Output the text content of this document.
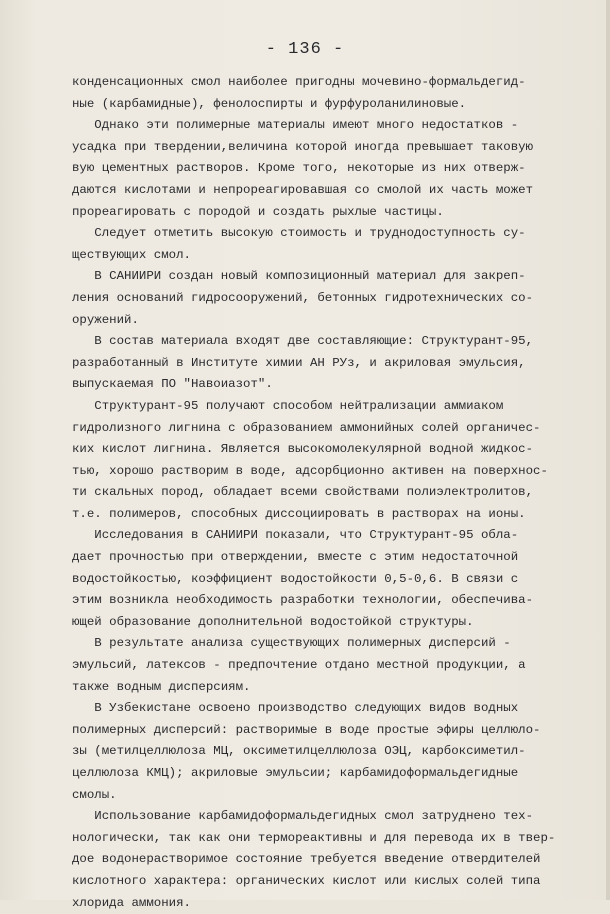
- 136 -
конденсационных смол наиболее пригодны мочевино-формальдегид-
ные (карбамидные), фенолоспирты и фурфуроланилиновые.
Однако эти полимерные материалы имеют много недостатков -
усадка при твердении,величина которой иногда превышает таковую
вую цементных растворов. Кроме того, некоторые из них отверж-
даются кислотами и непрореагировавшая со смолой их часть может
прореагировать с породой и создать рыхлые частицы.
Следует отметить высокую стоимость и труднодоступность су-
ществующих смол.
В САНИИРИ создан новый композиционный материал для закреп-
ления оснований гидросооружений, бетонных гидротехнических со-
оружений.
В состав материала входят две составляющие: Структурант-95,
разработанный в Институте химии АН РУз, и акриловая эмульсия,
выпускаемая ПО "Навоиазот".
Структурант-95 получают способом нейтрализации аммиаком
гидролизного лигнина с образованием аммонийных солей органичес-
ких кислот лигнина. Является высокомолекулярной водной жидкос-
тью, хорошо растворим в воде, адсорбционно активен на поверхнос-
ти скальных пород, обладает всеми свойствами полиэлектролитов,
т.е. полимеров, способных диссоциировать в растворах на ионы.
Исследования в САНИИРИ показали, что Структурант-95 обла-
дает прочностью при отверждении, вместе с этим недостаточной
водостойкостью, коэффициент водостойкости 0,5-0,6. В связи с
этим возникла необходимость разработки технологии, обеспечива-
ющей образование дополнительной водостойкой структуры.
В результате анализа существующих полимерных дисперсий -
эмульсий, латексов - предпочтение отдано местной продукции, а
также водным дисперсиям.
В Узбекистане освоено производство следующих видов водных
полимерных дисперсий: растворимые в воде простые эфиры целлюло-
зы (метилцеллюлоза МЦ, оксиметилцеллюлоза ОЭЦ, карбоксиметил-
целлюлоза КМЦ); акриловые эмульсии; карбамидоформальдегидные
смолы.
Использование карбамидоформальдегидных смол затруднено тех-
нологически, так как они термореактивны и для перевода их в твер-
дое водонерастворимое состояние требуется введение отвердителей
кислотного характера: органических кислот или кислых солей типа
хлорида аммония.
